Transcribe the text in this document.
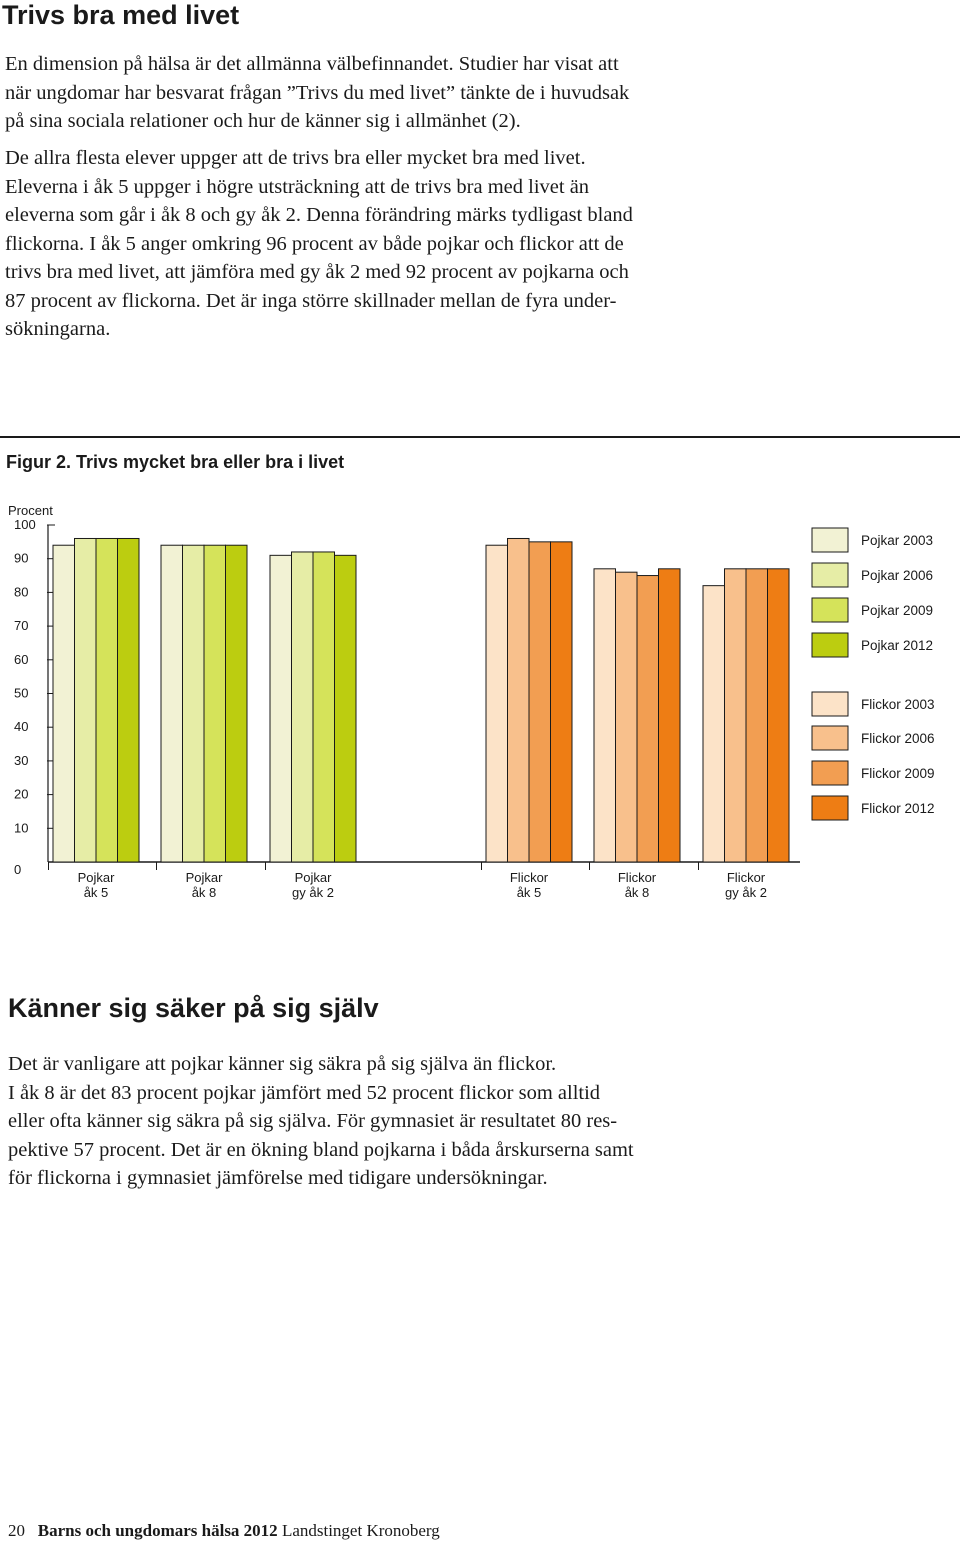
Trivs bra med livet
En dimension på hälsa är det allmänna välbefinnandet. Studier har visat att
när ungdomar har besvarat frågan ”Trivs du med livet” tänkte de i huvudsak
på sina sociala relationer och hur de känner sig i allmänhet (2).
De allra flesta elever uppger att de trivs bra eller mycket bra med livet.
Eleverna i åk 5 uppger i högre utsträckning att de trivs bra med livet än
eleverna som går i åk 8 och gy åk 2. Denna förändring märks tydligast bland
flickorna. I åk 5 anger omkring 96 procent av både pojkar och flickor att de
trivs bra med livet, att jämföra med gy åk 2 med 92 procent av pojkarna och
87 procent av flickorna. Det är inga större skillnader mellan de fyra under-
sökningarna.
Figur 2. Trivs mycket bra eller bra i livet
Procent
0
10
20
30
40
50
60
70
80
90
100
Pojkar
åk 5
Pojkar
åk 8
Pojkar
gy åk 2
Flickor
åk 5
Flickor
åk 8
Flickor
gy åk 2
Pojkar 2003
Pojkar 2006
Pojkar 2009
Pojkar 2012
Flickor 2003
Flickor 2006
Flickor 2009
Flickor 2012
Känner sig säker på sig själv
Det är vanligare att pojkar känner sig säkra på sig själva än flickor.
I åk 8 är det 83 procent pojkar jämfört med 52 procent flickor som alltid
eller ofta känner sig säkra på sig själva. För gymnasiet är resultatet 80 res-
pektive 57 procent. Det är en ökning bland pojkarna i båda årskurserna samt
för flickorna i gymnasiet jämförelse med tidigare undersökningar.
20 Barns och ungdomars hälsa 2012 Landstinget Kronoberg
